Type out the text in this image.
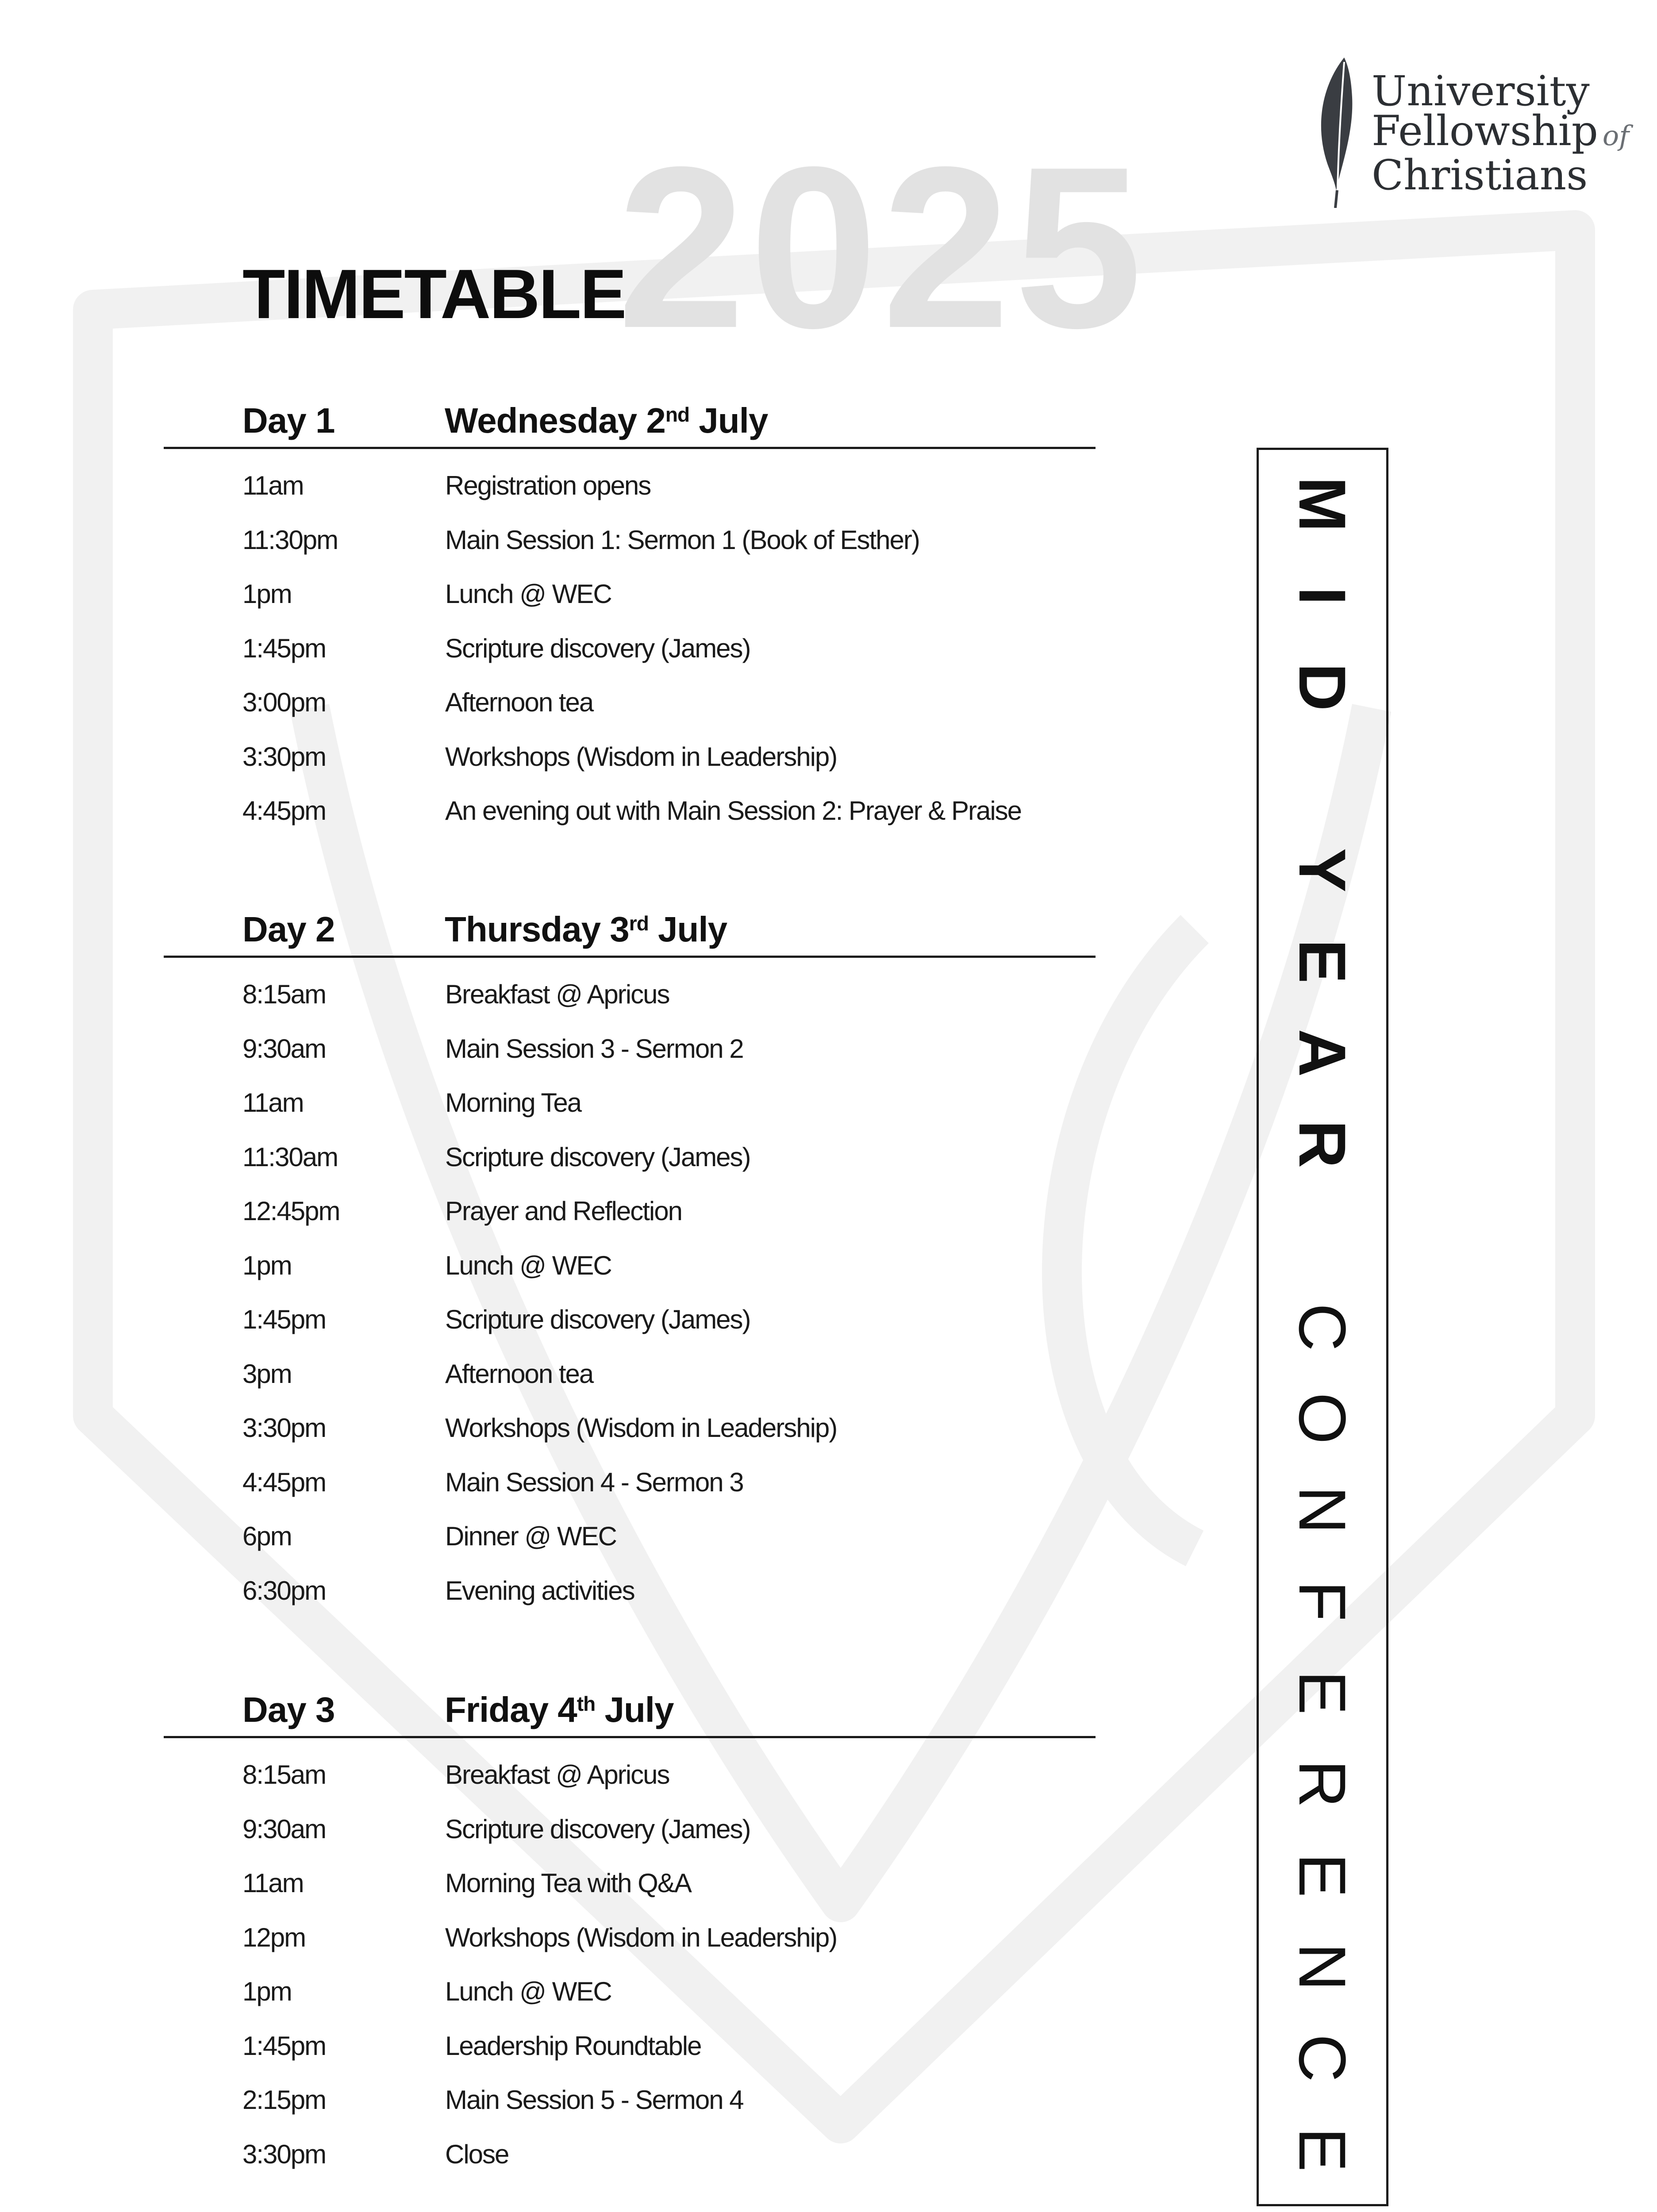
University
Fellowship of
Christians
2025
TIMETABLE
Day 1	Wednesday 2nd July
11am	Registration opens
11:30pm	Main Session 1: Sermon 1 (Book of Esther)
1pm	Lunch @ WEC
1:45pm	Scripture discovery (James)
3:00pm	Afternoon tea
3:30pm	Workshops (Wisdom in Leadership)
4:45pm	An evening out with Main Session 2: Prayer & Praise
Day 2	Thursday 3rd July
8:15am	Breakfast @ Apricus
9:30am	Main Session 3 - Sermon 2
11am	Morning Tea
11:30am	Scripture discovery (James)
12:45pm	Prayer and Reflection
1pm	Lunch @ WEC
1:45pm	Scripture discovery (James)
3pm	Afternoon tea
3:30pm	Workshops (Wisdom in Leadership)
4:45pm	Main Session 4 - Sermon 3
6pm	Dinner @ WEC
6:30pm	Evening activities
Day 3	Friday 4th July
8:15am	Breakfast @ Apricus
9:30am	Scripture discovery (James)
11am	Morning Tea with Q&A
12pm	Workshops (Wisdom in Leadership)
1pm	Lunch @ WEC
1:45pm	Leadership Roundtable
2:15pm	Main Session 5 - Sermon 4
3:30pm	Close
M
I
D
Y
E
A
R
C
O
N
F
E
R
E
N
C
E
